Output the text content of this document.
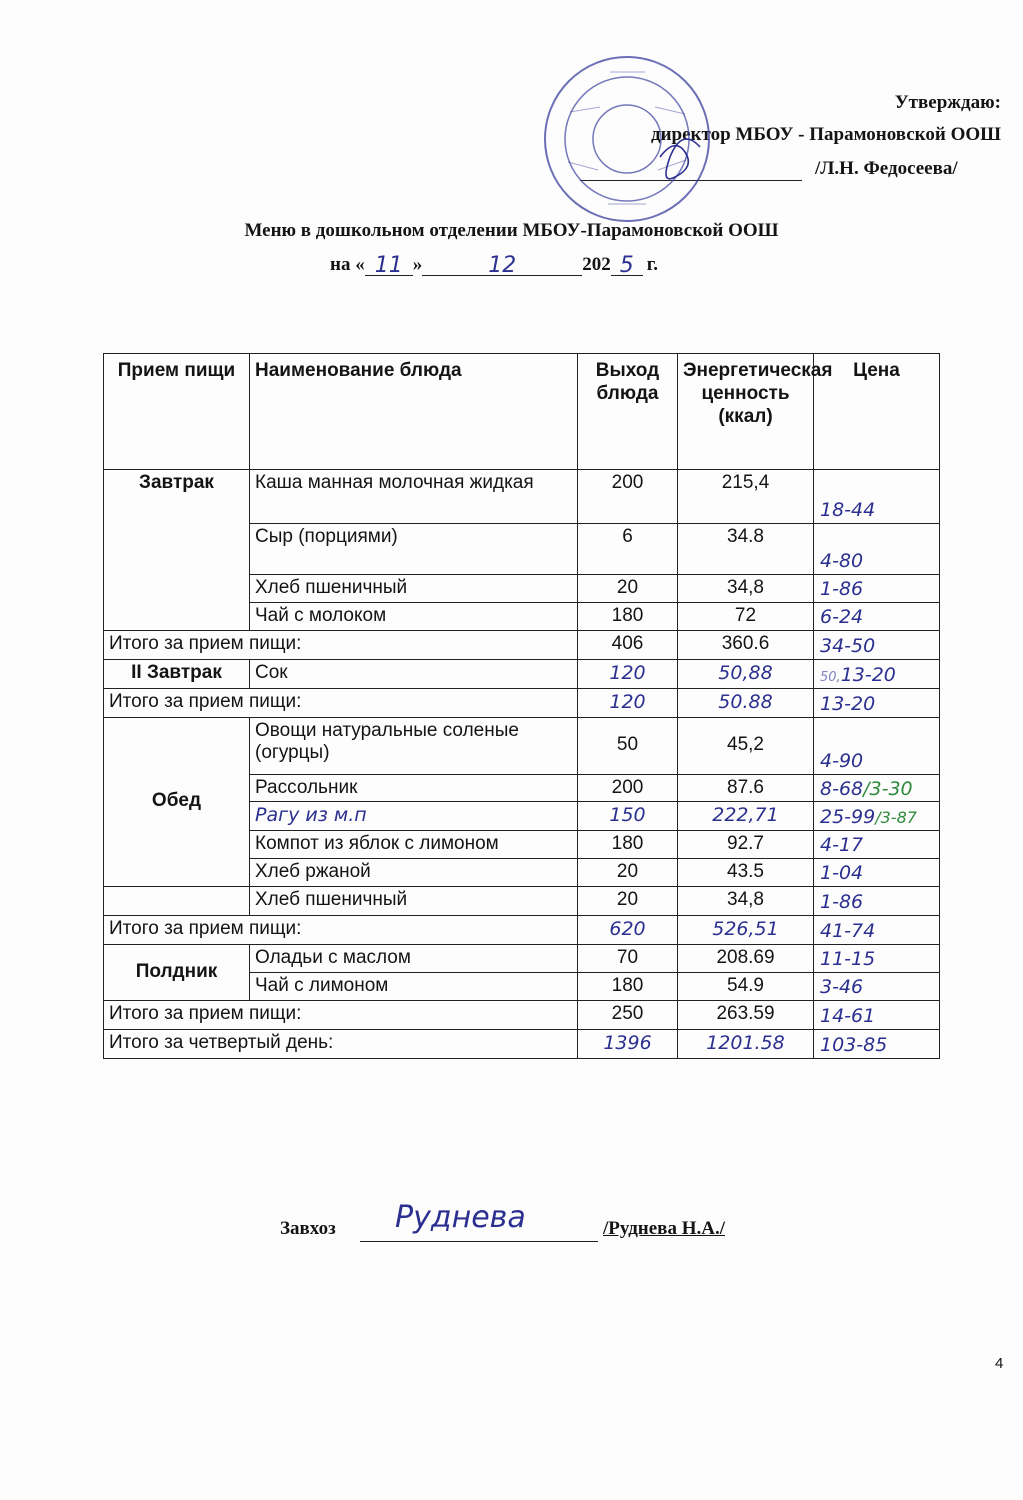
Утверждаю:
директор МБОУ - Парамоновской ООШ
/Л.Н. Федосеева/
Меню в дошкольном отделении МБОУ-Парамоновской ООШ
на « 11 »	12	202 5 г.
Прием пищи	Наименование блюда	Выход блюда	Энергетическая ценность (ккал)	Цена
Завтрак	Каша манная молочная жидкая	200	215,4	18-44

	Сыр (порциями)	6	34.8	4-80

	Хлеб пшеничный	20	34,8	1-86

	Чай с молоком	180	72	6-24

Итого за прием пищи:		406	360.6	34-50

II Завтрак	Сок	120	50,88	50,13-20

Итого за прием пищи:		120	50.88	13-20

Обед	Овощи натуральные соленые (огурцы)	50	45,2	4-90

	Рассольник	200	87.6	8-68/3-30

	Рагу из м.п	150	222,71	25-99/3-87

	Компот из яблок с лимоном	180	92.7	4-17

	Хлеб ржаной	20	43.5	1-04

	Хлеб пшеничный	20	34,8	1-86

Итого за прием пищи:		620	526,51	41-74

Полдник	Оладьи с маслом	70	208.69	11-15

	Чай с лимоном	180	54.9	3-46

Итого за прием пищи:		250	263.59	14-61

Итого за четвертый день:		1396	1201.58	103-85
Завхоз Руднева	/Руднева Н.А./
4
